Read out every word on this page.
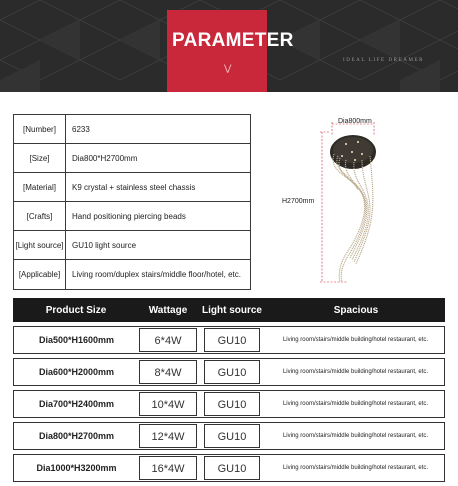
PARAMETER
⋁
IDEAL LIFE DREAMER
[Number]	6233
[Size]	Dia800*H2700mm
[Material]	K9 crystal + stainless steel chassis
[Crafts]	Hand positioning piercing beads
[Light source]	GU10 light source
[Applicable]	Living room/duplex stairs/middle floor/hotel, etc.
Dia800mm
H2700mm
Product Size	Wattage	Light source	Spacious
Dia500*H1600mm	6*4W	GU10	Living room/stairs/middle building/hotel restaurant, etc.
Dia600*H2000mm	8*4W	GU10	Living room/stairs/middle building/hotel restaurant, etc.
Dia700*H2400mm	10*4W	GU10	Living room/stairs/middle building/hotel restaurant, etc.
Dia800*H2700mm	12*4W	GU10	Living room/stairs/middle building/hotel restaurant, etc.
Dia1000*H3200mm	16*4W	GU10	Living room/stairs/middle building/hotel restaurant, etc.
